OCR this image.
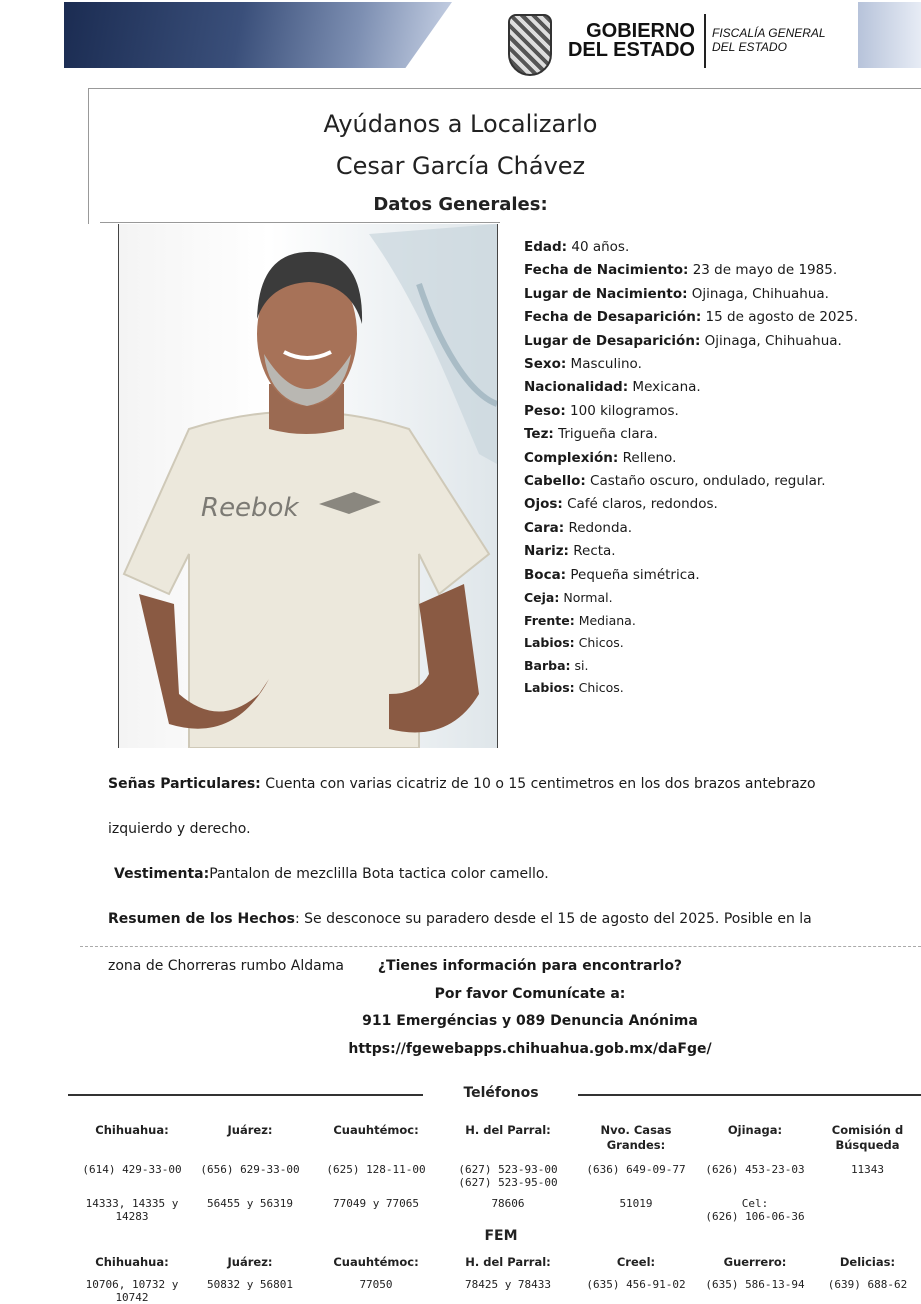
GOBIERNO
DEL ESTADO
FISCALÍA GENERAL
DEL ESTADO
Ayúdanos a Localizarlo
Cesar García Chávez
Datos Generales:
Reebok
Edad: 40 años.
Fecha de Nacimiento: 23 de mayo de 1985.
Lugar de Nacimiento: Ojinaga, Chihuahua.
Fecha de Desaparición: 15 de agosto de 2025.
Lugar de Desaparición: Ojinaga, Chihuahua.
Sexo: Masculino.
Nacionalidad: Mexicana.
Peso: 100 kilogramos.
Tez: Trigueña clara.
Complexión: Relleno.
Cabello: Castaño oscuro, ondulado, regular.
Ojos: Café claros, redondos.
Cara: Redonda.
Nariz: Recta.
Boca: Pequeña simétrica.
Ceja: Normal.
Frente: Mediana.
Labios: Chicos.
Barba: si.
Labios: Chicos.
Señas Particulares: Cuenta con varias cicatriz de 10 o 15 centimetros en los dos brazos antebrazo
izquierdo y derecho.
Vestimenta:Pantalon de mezclilla Bota tactica color camello.
Resumen de los Hechos: Se desconoce su paradero desde el 15 de agosto del 2025. Posible en la
zona de Chorreras rumbo Aldama	¿Tienes información para encontrarlo?
Por favor Comunícate a:
911 Emergéncias y 089 Denuncia Anónima
https://fgewebapps.chihuahua.gob.mx/daFge/
Teléfonos
Chihuahua:
(614) 429-33-00
14333, 14335 y
14283
Juárez:
(656) 629-33-00
56455 y 56319
Cuauhtémoc:
(625) 128-11-00
77049 y 77065
H. del Parral:
(627) 523-93-00
(627) 523-95-00
78606
Nvo. Casas
Grandes:
(636) 649-09-77
51019
Ojinaga:
(626) 453-23-03
Cel:
(626) 106-06-36
Comisión d
Búsqueda
11343
FEM
Chihuahua:
10706, 10732 y
10742
Juárez:
50832 y 56801
Cuauhtémoc:
77050
H. del Parral:
78425 y 78433
Creel:
(635) 456-91-02
Guerrero:
(635) 586-13-94
Delicias:
(639) 688-62
